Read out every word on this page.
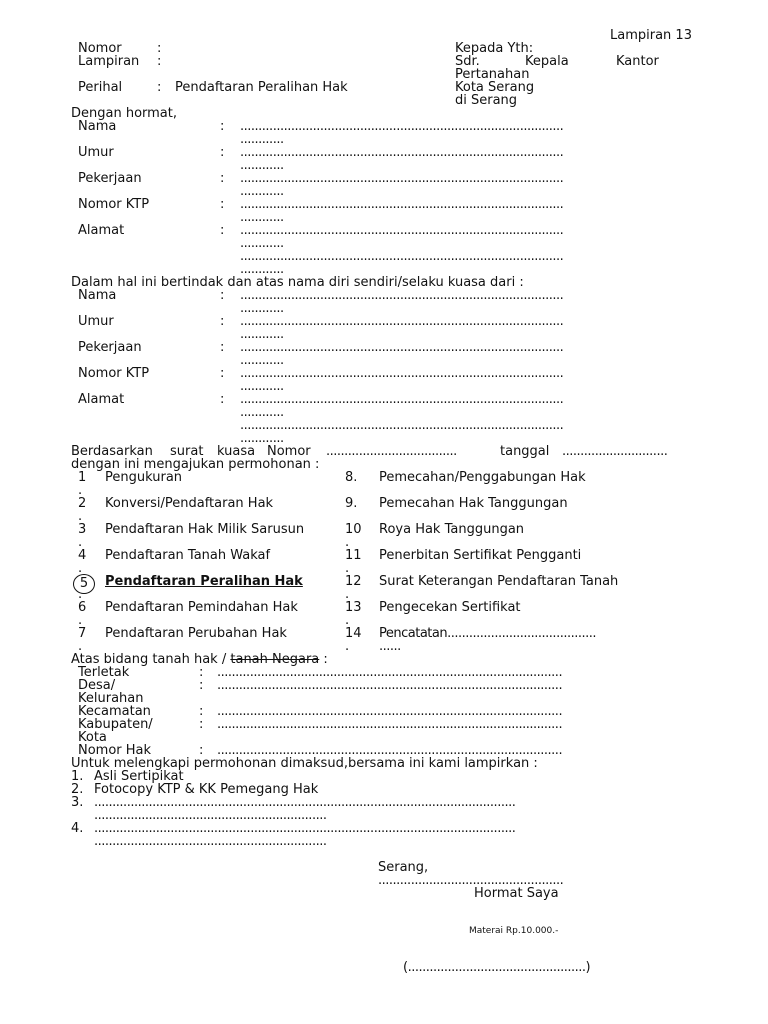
Lampiran 13
Nomor	:
Lampiran :
Perihal	: Pendaftaran Peralihan Hak
Kepada Yth:
Sdr.	Kepala	Kantor
Pertanahan
Kota Serang
di Serang
Dengan hormat,
Nama	: .........................................................................................
............
Umur	: .........................................................................................
............
Pekerjaan	: .........................................................................................
............
Nomor KTP	: .........................................................................................
............
Alamat	: .........................................................................................
............
.........................................................................................
............
Dalam hal ini bertindak dan atas nama diri sendiri/selaku kuasa dari :
Nama	: .........................................................................................
............
Umur	: .........................................................................................
............
Pekerjaan	: .........................................................................................
............
Nomor KTP	: .........................................................................................
............
Alamat	: .........................................................................................
............
.........................................................................................
............
Berdasarkan surat kuasa Nomor ....................................	tanggal .............................
dengan ini mengajukan permohonan :
1
.
Pengukuran
2
.
Konversi/Pendaftaran Hak
3
.
Pendaftaran Hak Milik Sarusun
4
.
Pendaftaran Tanah Wakaf
5
.
Pendaftaran Peralihan Hak
6
.
Pendaftaran Pemindahan Hak
7
.
Pendaftaran Perubahan Hak
8. Pemecahan/Penggabungan Hak
9. Pemecahan Hak Tanggungan
10
.
Roya Hak Tanggungan
11
.
Penerbitan Sertifikat Pengganti
12
.
Surat Keterangan Pendaftaran Tanah
13
.
Pengecekan Sertifikat
14
.
Pencatatan.........................................
......
Atas bidang tanah hak / tanah Negara :
Terletak	: ...............................................................................................
Desa/
Kelurahan
: ...............................................................................................
Kecamatan	: ...............................................................................................
Kabupaten/
Kota
: ...............................................................................................
Nomor Hak	: ...............................................................................................
Untuk melengkapi permohonan dimaksud,bersama ini kami lampirkan :
1. Asli Sertipikat
2. Fotocopy KTP & KK Pemegang Hak
3. ....................................................................................................................
................................................................
4. ....................................................................................................................
................................................................
Serang,
...................................................
Hormat Saya
Materai Rp.10.000.-
(.................................................)
